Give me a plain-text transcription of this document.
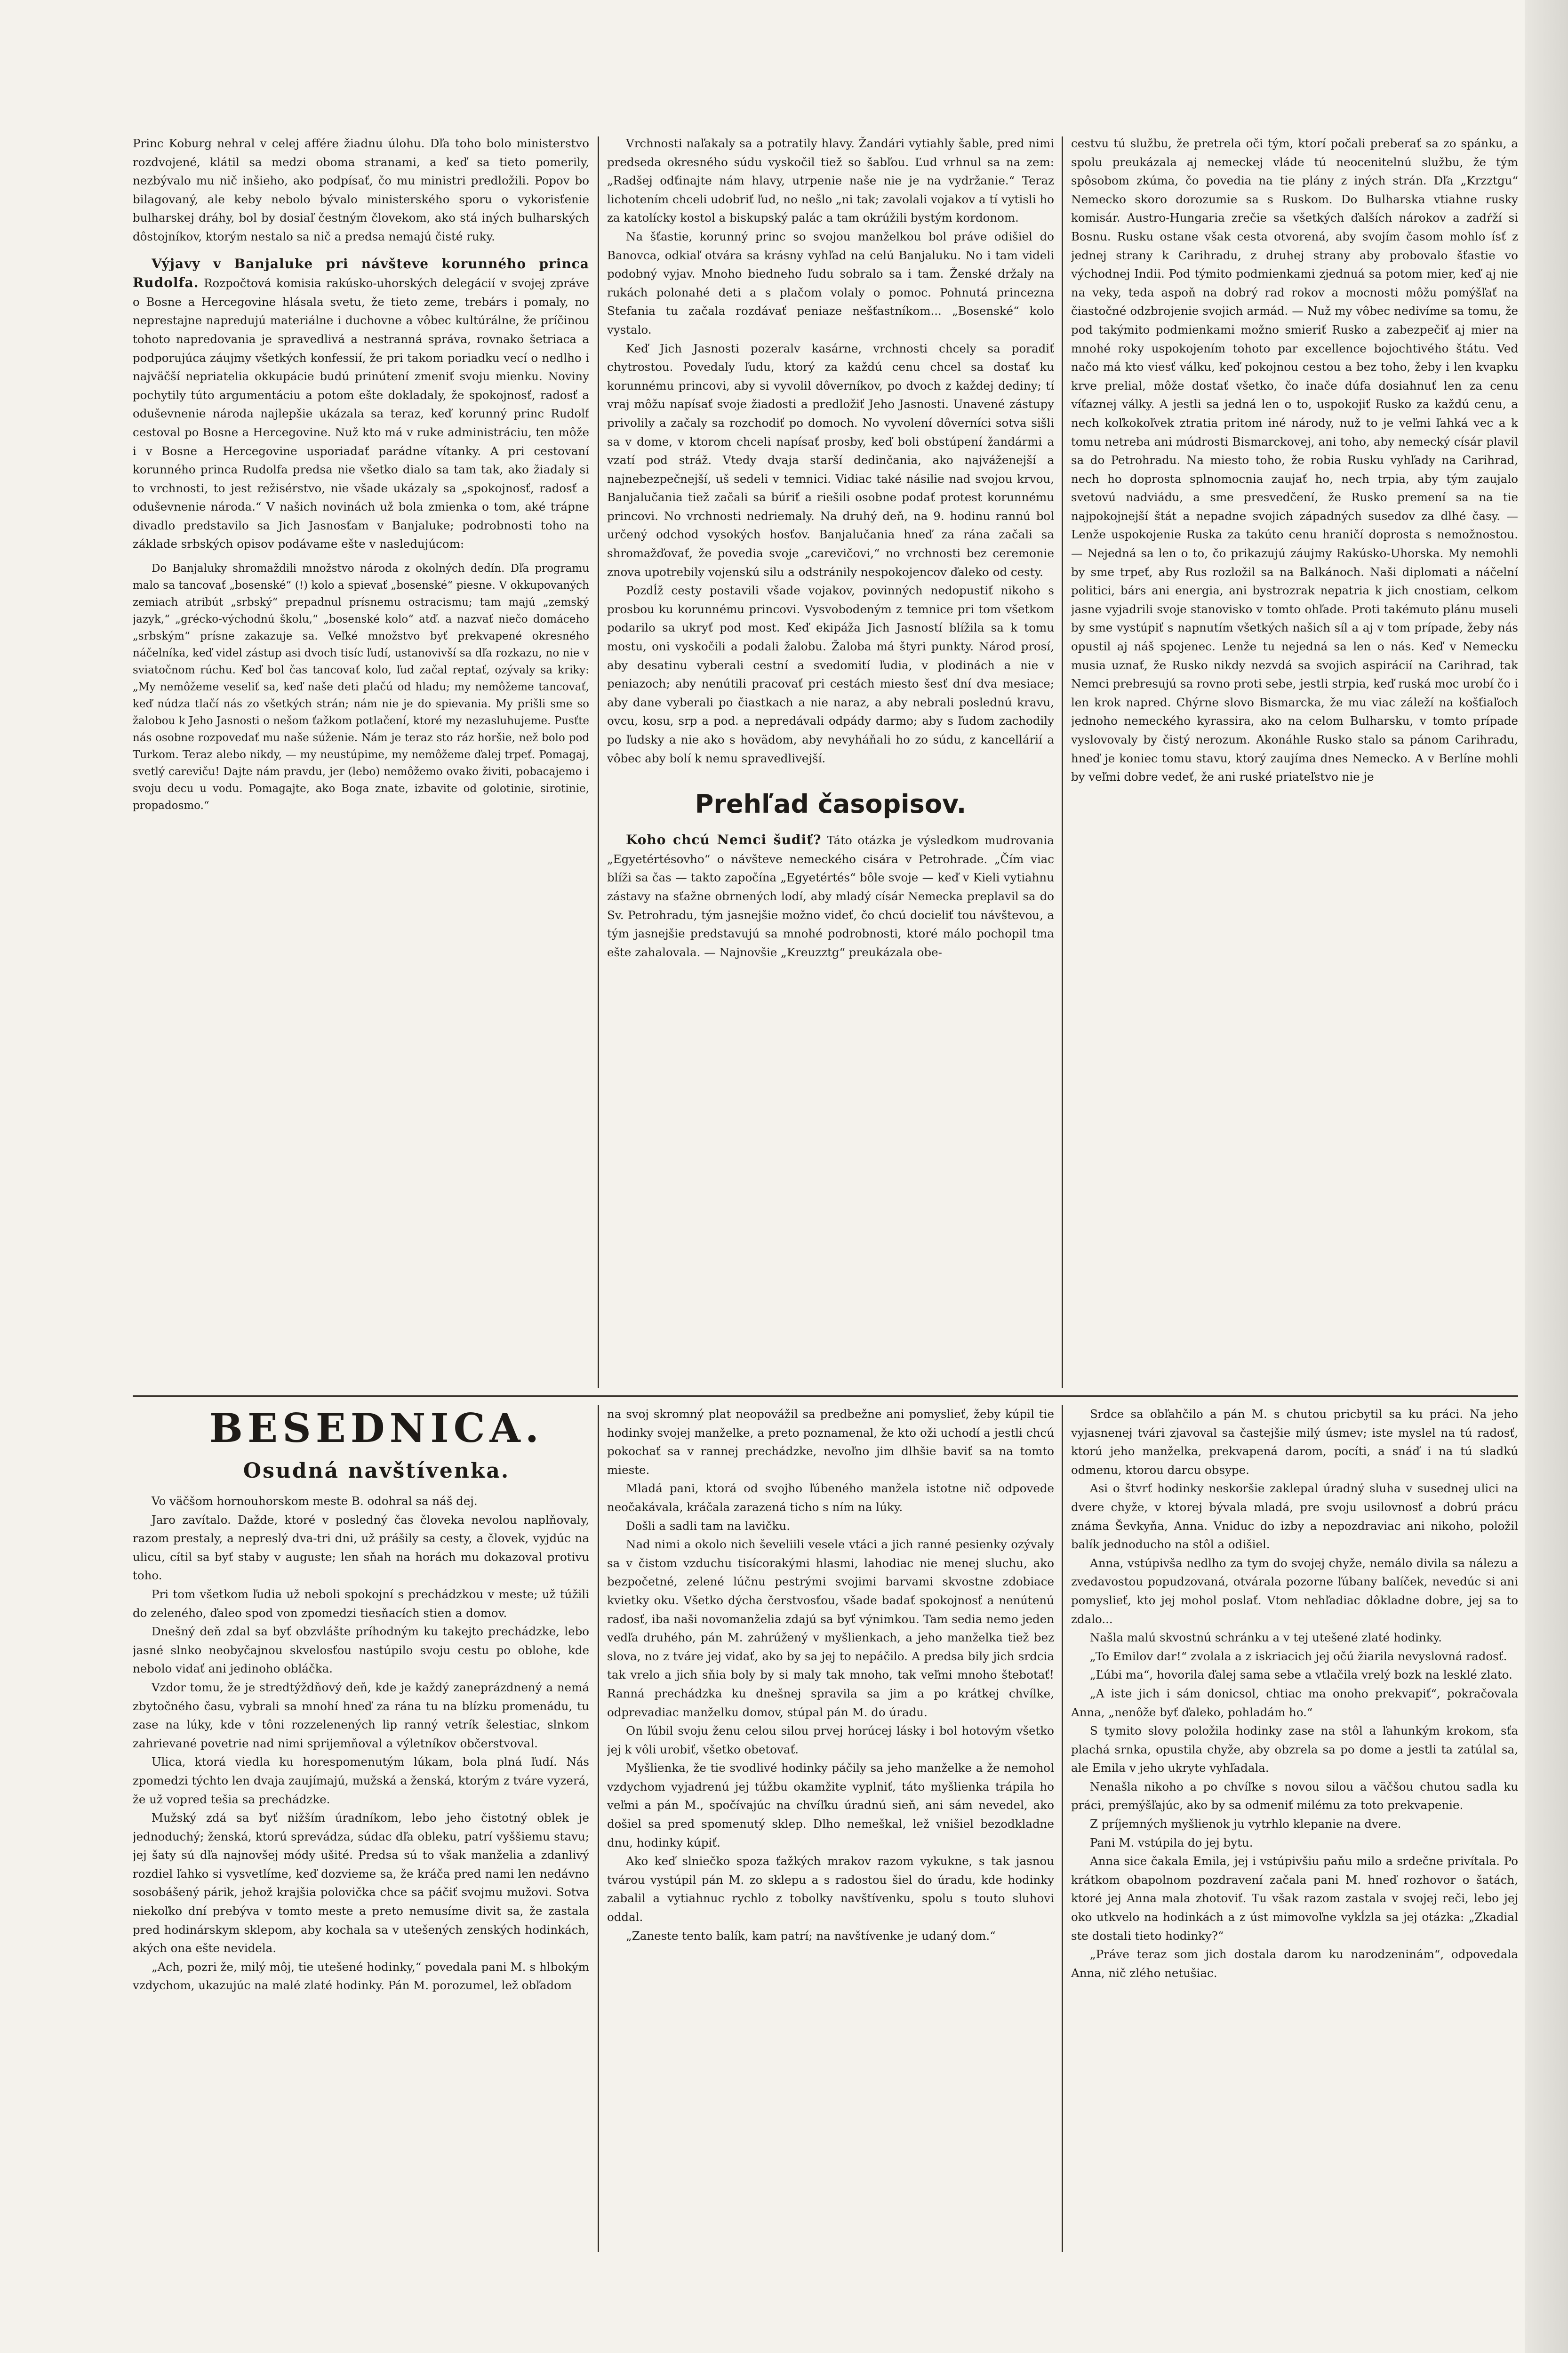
Princ Koburg nehral v celej affére žiadnu úlohu. Dľa toho bolo ministerstvo rozdvojené, klátil sa medzi oboma stranami, a keď sa tieto pomerily, nezbývalo mu nič inšieho, ako podpísať, čo mu ministri predložili. Popov bo bilagovaný, ale keby nebolo bývalo ministerského sporu o vykorisťenie bulharskej dráhy, bol by dosiaľ čestným človekom, ako stá iných bulharských dôstojníkov, ktorým nestalo sa nič a predsa nemajú čisté ruky.

Výjavy v Banjaluke pri návšteve korunného princa Rudolfa. Rozpočtová komisia rakúsko-uhorských delegácií v svojej zpráve o Bosne a Hercegovine hlásala svetu, že tieto zeme, trebárs i pomaly, no neprestajne napredujú materiálne i duchovne a vôbec kultúrálne, že príčinou tohoto napredovania je spravedlivá a nestranná správa, rovnako šetriaca a podporujúca záujmy všetkých konfessií, že pri takom poriadku vecí o nedlho i najväčší nepriatelia okkupácie budú prinútení zmeniť svoju mienku. Noviny pochytily túto argumentáciu a potom ešte dokladaly, že spokojnosť, radosť a oduševnenie národa najlepšie ukázala sa teraz, keď korunný princ Rudolf cestoval po Bosne a Hercegovine. Nuž kto má v ruke administráciu, ten môže i v Bosne a Hercegovine usporiadať parádne vítanky. A pri cestovaní korunného princa Rudolfa predsa nie všetko dialo sa tam tak, ako žiadaly si to vrchnosti, to jest režisérstvo, nie všade ukázaly sa „spokojnosť, radosť a oduševnenie národa.“ V našich novinách už bola zmienka o tom, aké trápne divadlo predstavilo sa Jich Jasnosťam v Banjaluke; podrobnosti toho na základe srbských opisov podávame ešte v nasledujúcom:

Do Banjaluky shromaždili množstvo národa z okolných dedín. Dľa programu malo sa tancovať „bosenské“ (!) kolo a spievať „bosenské“ piesne. V okkupovaných zemiach atribút „srbský“ prepadnul prísnemu ostracismu; tam majú „zemský jazyk,“ „grécko-východnú školu,“ „bosenské kolo“ atď. a nazvať niečo domáceho „srbským“ prísne zakazuje sa. Veľké množstvo byť prekvapené okresného náčelníka, keď videl zástup asi dvoch tisíc ľudí, ustanovivší sa dľa rozkazu, no nie v sviatočnom rúchu. Keď bol čas tancovať kolo, ľud začal reptať, ozývaly sa kriky: „My nemôžeme veseliť sa, keď naše deti plačú od hladu; my nemôžeme tancovať, keď núdza tlačí nás zo všetkých strán; nám nie je do spievania. My prišli sme so žalobou k Jeho Jasnosti o nešom ťažkom potlačení, ktoré my nezasluhujeme. Pusťte nás osobne rozpovedať mu naše súženie. Nám je teraz sto ráz horšie, než bolo pod Turkom. Teraz alebo nikdy, — my neustúpime, my nemôžeme ďalej trpeť. Pomagaj, svetlý careviču! Dajte nám pravdu, jer (lebo) nemôžemo ovako živiti, pobacajemo i svoju decu u vodu. Pomagajte, ako Boga znate, izbavite od golotinie, sirotinie, propadosmo.“

Vrchnosti naľakaly sa a potratily hlavy. Žandári vytiahly šable, pred nimi predseda okresného súdu vyskočil tiež so šabľou. Ľud vrhnul sa na zem: „Radšej odťinajte nám hlavy, utrpenie naše nie je na vydržanie.“ Teraz lichotením chceli udobriť ľud, no nešlo „ni tak; zavolali vojakov a tí vytisli ho za katolícky kostol a biskupský palác a tam okrúžili bystým kordonom.

Na šťastie, korunný princ so svojou manželkou bol práve odišiel do Banovca, odkiaľ otvára sa krásny vyhľad na celú Banjaluku. No i tam videli podobný vyjav. Mnoho biedneho ľudu sobralo sa i tam. Ženské držaly na rukách polonahé deti a s plačom volaly o pomoc. Pohnutá princezna Stefania tu začala rozdávať peniaze nešťastníkom... „Bosenské“ kolo vystalo.

Keď Jich Jasnosti pozeralv kasárne, vrchnosti chcely sa poradiť chytrostou. Povedaly ľudu, ktorý za každú cenu chcel sa dostať ku korunnému princovi, aby si vyvolil dôverníkov, po dvoch z každej dediny; tí vraj môžu napísať svoje žiadosti a predložiť Jeho Jasnosti. Unavené zástupy privolily a začaly sa rozchodiť po domoch. No vyvolení dôverníci sotva sišli sa v dome, v ktorom chceli napísať prosby, keď boli obstúpení žandármi a vzatí pod stráž. Vtedy dvaja starší dedinčania, ako najváženejší a najnebezpečnejší, uš sedeli v temnici. Vidiac také násilie nad svojou krvou, Banjalučania tiež začali sa búriť a riešili osobne podať protest korunnému princovi. No vrchnosti nedriemaly. Na druhý deň, na 9. hodinu rannú bol určený odchod vysokých hosťov. Banjalučania hneď za rána začali sa shromažďovať, že povedia svoje „carevičovi,“ no vrchnosti bez ceremonie znova upotrebily vojenskú silu a odstránily nespokojencov ďaleko od cesty.

Pozdĺž cesty postavili všade vojakov, povinných nedopustiť nikoho s prosbou ku korunnému princovi. Vysvobodeným z temnice pri tom všetkom podarilo sa ukryť pod most. Keď ekipáža Jich Jasností blížila sa k tomu mostu, oni vyskočili a podali žalobu. Žaloba má štyri punkty. Národ prosí, aby desatinu vyberali cestní a svedomití ľudia, v plodinách a nie v peniazoch; aby nenútili pracovať pri cestách miesto šesť dní dva mesiace; aby dane vyberali po čiastkach a nie naraz, a aby nebrali poslednú kravu, ovcu, kosu, srp a pod. a nepredávali odpády darmo; aby s ľudom zachodily po ľudsky a nie ako s hovädom, aby nevyháňali ho zo súdu, z kancellárií a vôbec aby bolí k nemu spravedlivejší.

Prehľad časopisov.

Koho chcú Nemci šudiť? Táto otázka je výsledkom mudrovania „Egyetértésovho“ o návšteve nemeckého cisára v Petrohrade. „Čím viac blíži sa čas — takto započína „Egyetértés“ bôle svoje — keď v Kieli vytiahnu zástavy na sťažne obrnených lodí, aby mladý císár Nemecka preplavil sa do Sv. Petrohradu, tým jasnejšie možno videť, čo chcú docieliť tou návštevou, a tým jasnejšie predstavujú sa mnohé podrobnosti, ktoré málo pochopil tma ešte zahalovala. — Najnovšie „Kreuzztg“ preukázala obe-

cestvu tú službu, že pretrela oči tým, ktorí počali preberať sa zo spánku, a spolu preukázala aj nemeckej vláde tú neocenitelnú službu, že tým spôsobom zkúma, čo povedia na tie plány z iných strán. Dľa „Krzztgu“ Nemecko skoro dorozumie sa s Ruskom. Do Bulharska vtiahne rusky komisár. Austro-Hungaria zrečie sa všetkých ďalších nárokov a zadŕží si Bosnu. Rusku ostane však cesta otvorená, aby svojím časom mohlo ísť z jednej strany k Carihradu, z druhej strany aby probovalo šťastie vo východnej Indii. Pod týmito podmienkami zjednuá sa potom mier, keď aj nie na veky, teda aspoň na dobrý rad rokov a mocnosti môžu pomýšľať na čiastočné odzbrojenie svojich armád. — Nuž my vôbec nedivíme sa tomu, že pod takýmito podmienkami možno smieriť Rusko a zabezpečiť aj mier na mnohé roky uspokojením tohoto par excellence bojochtivého štátu. Veď načo má kto viesť válku, keď pokojnou cestou a bez toho, žeby i len kvapku krve prelial, môže dostať všetko, čo inače dúfa dosiahnuť len za cenu víťaznej války. A jestli sa jedná len o to, uspokojiť Rusko za každú cenu, a nech koľkokoľvek ztratia pritom iné národy, nuž to je veľmi ľahká vec a k tomu netreba ani múdrosti Bismarckovej, ani toho, aby nemecký císár plavil sa do Petrohradu. Na miesto toho, že robia Rusku vyhľady na Carihrad, nech ho doprosta splnomocnia zaujať ho, nech trpia, aby tým zaujalo svetovú nadviádu, a sme presvedčení, že Rusko premení sa na tie najpokojnejší štát a nepadne svojich západných susedov za dlhé časy. — Lenže uspokojenie Ruska za takúto cenu hraničí doprosta s nemožnostou. — Nejedná sa len o to, čo prikazujú záujmy Rakúsko-Uhorska. My nemohli by sme trpeť, aby Rus rozložil sa na Balkánoch. Naši diplomati a náčelní politici, bárs ani energia, ani bystrozrak nepatria k jich cnostiam, celkom jasne vyjadrili svoje stanovisko v tomto ohľade. Proti takémuto plánu museli by sme vystúpiť s napnutím všetkých našich síl a aj v tom prípade, žeby nás opustil aj náš spojenec. Lenže tu nejedná sa len o nás. Keď v Nemecku musia uznať, že Rusko nikdy nezvdá sa svojich aspirácií na Carihrad, tak Nemci prebresujú sa rovno proti sebe, jestli strpia, keď ruská moc urobí čo i len krok napred. Chýrne slovo Bismarcka, že mu viac záleží na košťiaľoch jednoho nemeckého kyrassira, ako na celom Bulharsku, v tomto prípade vyslovovaly by čistý nerozum. Akonáhle Rusko stalo sa pánom Carihradu, hneď je koniec tomu stavu, ktorý zaujíma dnes Nemecko. A v Berlíne mohli by veľmi dobre vedeť, že ani ruské priateľstvo nie je

BESEDNICA.
Osudná navštívenka.

Vo väčšom hornouhorskom meste B. odohral sa náš dej.

Jaro zavítalo. Dažde, ktoré v posledný čas človeka nevolou naplňovaly, razom prestaly, a nepreslý dva-tri dni, už prášily sa cesty, a človek, vyjdúc na ulicu, cítil sa byť staby v auguste; len sňah na horách mu dokazoval protivu toho.

Pri tom všetkom ľudia už neboli spokojní s prechádzkou v meste; už túžili do zeleného, ďaleo spod von zpomedzi tiesňacích stien a domov.

Dnešný deň zdal sa byť obzvlášte príhodným ku takejto prechádzke, lebo jasné slnko neobyčajnou skvelosťou nastúpilo svoju cestu po oblohe, kde nebolo vidať ani jedinoho obláčka.

Vzdor tomu, že je stredtýždňový deň, kde je každý zaneprázdnený a nemá zbytočného času, vybrali sa mnohí hneď za rána tu na blízku promenádu, tu zase na lúky, kde v tôni rozzelenených lip ranný vetrík šelestiac, slnkom zahrievané povetrie nad nimi sprijemňoval a výletníkov občerstvoval.

Ulica, ktorá viedla ku horespomenutým lúkam, bola plná ľudí. Nás zpomedzi týchto len dvaja zaujímajú, mužská a ženská, ktorým z tváre vyzerá, že už vopred tešia sa prechádzke.

Mužský zdá sa byť nižším úradníkom, lebo jeho čistotný oblek je jednoduchý; ženská, ktorú sprevádza, súdac dľa obleku, patrí vyššiemu stavu; jej šaty sú dľa najnovšej módy ušité. Predsa sú to však manželia a zdanlivý rozdiel ľahko si vysvetlíme, keď dozvieme sa, že kráča pred nami len nedávno sosobášený párik, jehož krajšia polovička chce sa páčiť svojmu mužovi. Sotva niekoľko dní prebýva v tomto meste a preto nemusíme divit sa, že zastala pred hodinárskym sklepom, aby kochala sa v utešených zenských hodinkách, akých ona ešte nevidela.

„Ach, pozri že, milý môj, tie utešené hodinky,“ povedala pani M. s hlbokým vzdychom, ukazujúc na malé zlaté hodinky. Pán M. porozumel, lež obľadom

na svoj skromný plat neopovážil sa predbežne ani pomyslieť, žeby kúpil tie hodinky svojej manželke, a preto poznamenal, že kto oži uchodí a jestli chcú pokochať sa v rannej prechádzke, nevoľno jim dlhšie baviť sa na tomto mieste.

Mladá pani, ktorá od svojho ľúbeného manžela istotne nič odpovede neočakávala, kráčala zarazená ticho s ním na lúky.

Došli a sadli tam na lavičku.

Nad nimi a okolo nich ševeliili vesele vtáci a jich ranné pesienky ozývaly sa v čistom vzduchu tisícorakými hlasmi, lahodiac nie menej sluchu, ako bezpočetné, zelené lúčnu pestrými svojimi barvami skvostne zdobiace kvietky oku. Všetko dýcha čerstvosťou, všade badať spokojnosť a nenútenú radosť, iba naši novomanželia zdajú sa byť výnimkou. Tam sedia nemo jeden vedľa druhého, pán M. zahrúžený v myšlienkach, a jeho manželka tiež bez slova, no z tváre jej vidať, ako by sa jej to nepáčilo. A predsa bily jich srdcia tak vrelo a jich sňia boly by si maly tak mnoho, tak veľmi mnoho štebotať! Ranná prechádzka ku dnešnej spravila sa jim a po krátkej chvílke, odprevadiac manželku domov, stúpal pán M. do úradu.

On ľúbil svoju ženu celou silou prvej horúcej lásky i bol hotovým všetko jej k vôli urobiť, všetko obetovať.

Myšlienka, že tie svodlivé hodinky páčily sa jeho manželke a že nemohol vzdychom vyjadrenú jej túžbu okamžite vyplniť, táto myšlienka trápila ho veľmi a pán M., spočívajúc na chvíľku úradnú sieň, ani sám nevedel, ako došiel sa pred spomenutý sklep. Dlho nemeškal, lež vnišiel bezodkladne dnu, hodinky kúpiť.

Ako keď slniečko spoza ťažkých mrakov razom vykukne, s tak jasnou tvárou vystúpil pán M. zo sklepu a s radostou šiel do úradu, kde hodinky zabalil a vytiahnuc rychlo z tobolky navštívenku, spolu s touto sluhovi oddal.

„Zaneste tento balík, kam patrí; na navštívenke je udaný dom.“

Srdce sa obľahčilo a pán M. s chutou pricbytil sa ku práci. Na jeho vyjasnenej tvári zjavoval sa častejšie milý úsmev; iste myslel na tú radosť, ktorú jeho manželka, prekvapená darom, pocíti, a snáď i na tú sladkú odmenu, ktorou darcu obsype.

Asi o štvrť hodinky neskoršie zaklepal úradný sluha v susednej ulici na dvere chyže, v ktorej bývala mladá, pre svoju usilovnosť a dobrú prácu známa Ševkyňa, Anna. Vniduc do izby a nepozdraviac ani nikoho, položil balík jednoducho na stôl a odišiel.

Anna, vstúpivša nedlho za tym do svojej chyže, nemálo divila sa nálezu a zvedavostou popudzovaná, otvárala pozorne ľúbany balíček, nevedúc si ani pomyslieť, kto jej mohol poslať. Vtom nehľadiac dôkladne dobre, jej sa to zdalo...

Našla malú skvostnú schránku a v tej utešené zlaté hodinky.

„To Emilov dar!“ zvolala a z iskriacich jej očú žiarila nevyslovná radosť.

„Ľúbi ma“, hovorila ďalej sama sebe a vtlačila vrelý bozk na lesklé zlato.

„A iste jich i sám donicsol, chtiac ma onoho prekvapiť“, pokračovala Anna, „nenôže byť ďaleko, pohladám ho.“

S tymito slovy položila hodinky zase na stôl a ľahunkým krokom, sťa plachá srnka, opustila chyže, aby obzrela sa po dome a jestli ta zatúlal sa, ale Emila v jeho ukryte vyhľadala.

Nenašla nikoho a po chvíľke s novou silou a väčšou chutou sadla ku práci, premýšľajúc, ako by sa odmeniť milému za toto prekvapenie.

Z príjemných myšlienok ju vytrhlo klepanie na dvere.

Pani M. vstúpila do jej bytu.

Anna sice čakala Emila, jej i vstúpivšiu paňu milo a srdečne privítala. Po krátkom obapolnom pozdravení začala pani M. hneď rozhovor o šatách, ktoré jej Anna mala zhotoviť. Tu však razom zastala v svojej reči, lebo jej oko utkvelo na hodinkách a z úst mimovoľne vykĺzla sa jej otázka: „Zkadiaľ ste dostali tieto hodinky?“

„Práve teraz som jich dostala darom ku narodzeninám“, odpovedala Anna, nič zlého netušiac.
